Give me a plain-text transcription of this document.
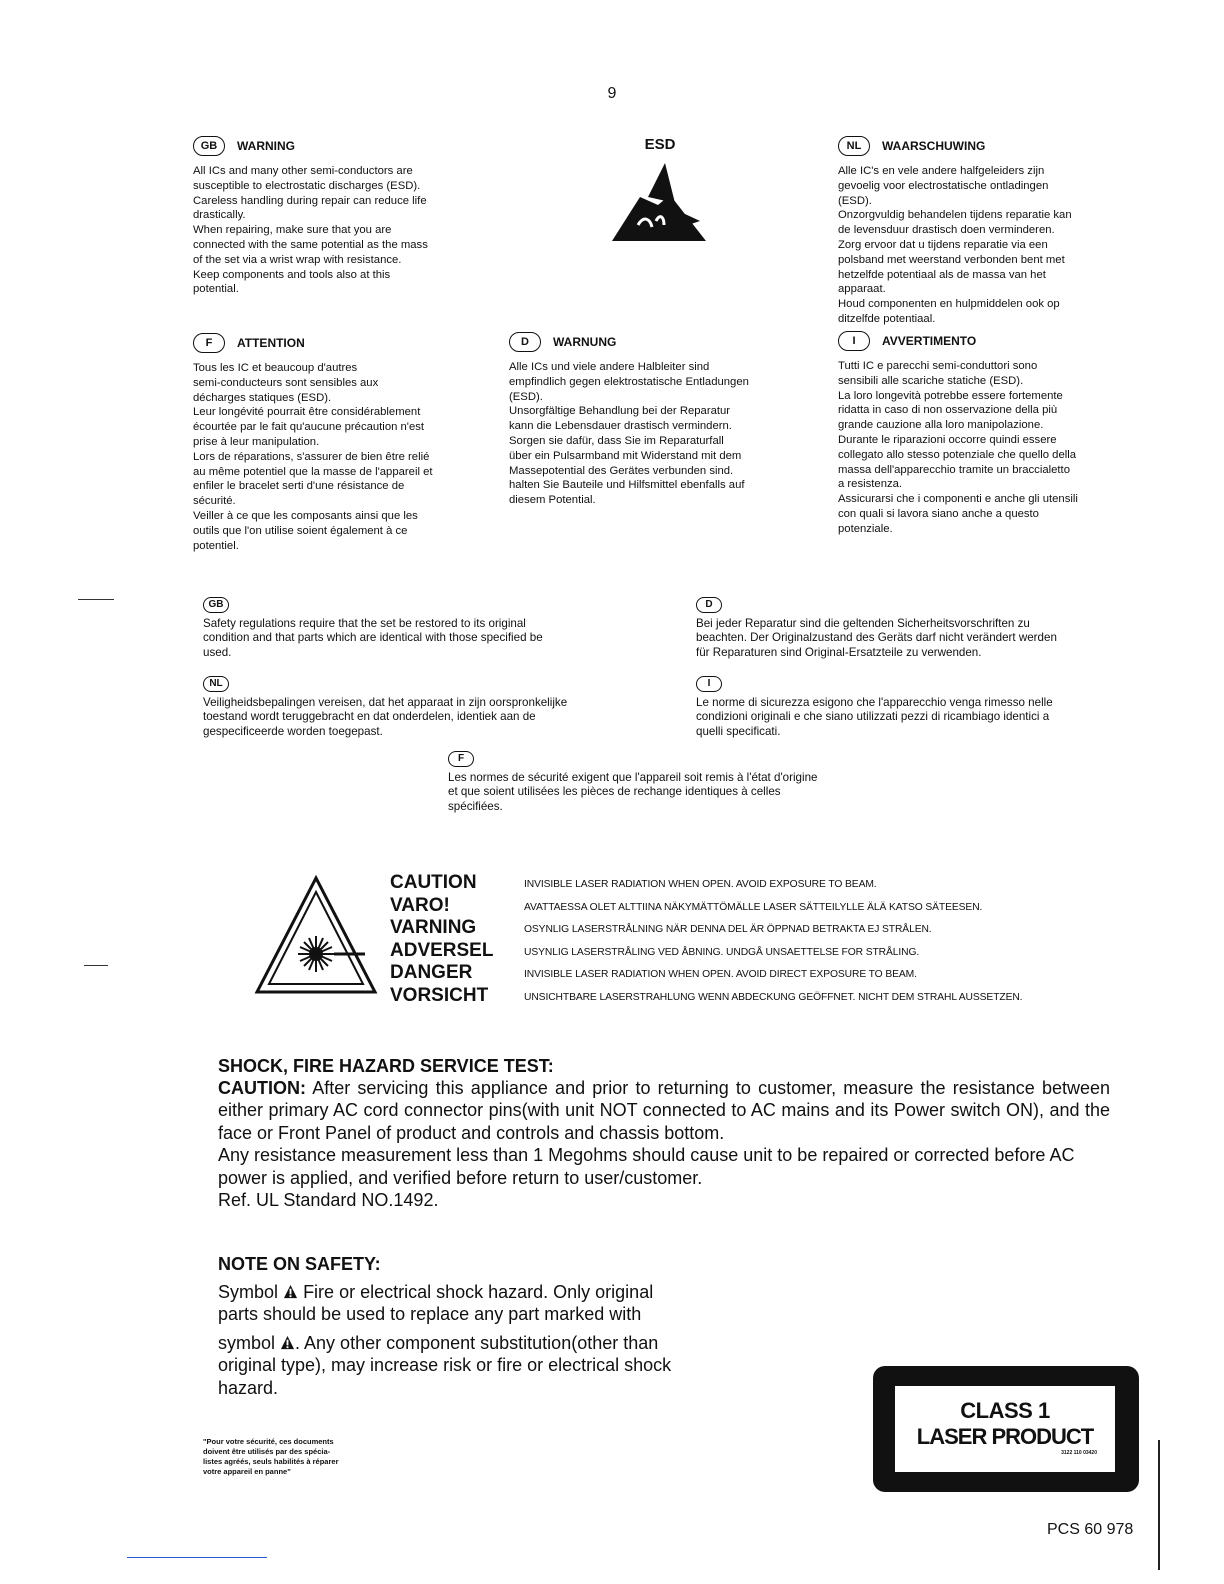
9
GB	WARNING
All ICs and many other semi-conductors are
susceptible to electrostatic discharges (ESD).
Careless handling during repair can reduce life
drastically.
When repairing, make sure that you are
connected with the same potential as the mass
of the set via a wrist wrap with resistance.
Keep components and tools also at this
potential.
ESD	NL	WAARSCHUWING
Alle IC's en vele andere halfgeleiders zijn
gevoelig voor electrostatische ontladingen
(ESD).
Onzorgvuldig behandelen tijdens reparatie kan
de levensduur drastisch doen verminderen.
Zorg ervoor dat u tijdens reparatie via een
polsband met weerstand verbonden bent met
hetzelfde potentiaal als de massa van het
apparaat.
Houd componenten en hulpmiddelen ook op
ditzelfde potentiaal.
F	ATTENTION
Tous les IC et beaucoup d'autres
semi-conducteurs sont sensibles aux
décharges statiques (ESD).
Leur longévité pourrait être considérablement
écourtée par le fait qu'aucune précaution n'est
prise à leur manipulation.
Lors de réparations, s'assurer de bien être relié
au même potentiel que la masse de l'appareil et
enfiler le bracelet serti d'une résistance de
sécurité.
Veiller à ce que les composants ainsi que les
outils que l'on utilise soient également à ce
potentiel.
D	WARNUNG
Alle ICs und viele andere Halbleiter sind
empfindlich gegen elektrostatische Entladungen
(ESD).
Unsorgfältige Behandlung bei der Reparatur
kann die Lebensdauer drastisch vermindern.
Sorgen sie dafür, dass Sie im Reparaturfall
über ein Pulsarmband mit Widerstand mit dem
Massepotential des Gerätes verbunden sind.
halten Sie Bauteile und Hilfsmittel ebenfalls auf
diesem Potential.
I	AVVERTIMENTO
Tutti IC e parecchi semi-conduttori sono
sensibili alle scariche statiche (ESD).
La loro longevità potrebbe essere fortemente
ridatta in caso di non osservazione della più
grande cauzione alla loro manipolazione.
Durante le riparazioni occorre quindi essere
collegato allo stesso potenziale che quello della
massa dell'apparecchio tramite un braccialetto
a resistenza.
Assicurarsi che i componenti e anche gli utensili
con quali si lavora siano anche a questo
potenziale.
GB
Safety regulations require that the set be restored to its original
condition and that parts which are identical with those specified be
used.
D
Bei jeder Reparatur sind die geltenden Sicherheitsvorschriften zu
beachten. Der Originalzustand des Geräts darf nicht verändert werden
für Reparaturen sind Original-Ersatzteile zu verwenden.
NL
Veiligheidsbepalingen vereisen, dat het apparaat in zijn oorspronkelijke
toestand wordt teruggebracht en dat onderdelen, identiek aan de
gespecificeerde worden toegepast.
I
Le norme di sicurezza esigono che l'apparecchio venga rimesso nelle
condizioni originali e che siano utilizzati pezzi di ricambiago identici a
quelli specificati.
F
Les normes de sécurité exigent que l'appareil soit remis à l'état d'origine
et que soient utilisées les pièces de rechange identiques à celles
spécifiées.
CAUTION
VARO!
VARNING
ADVERSEL
DANGER
VORSICHT
INVISIBLE LASER RADIATION WHEN OPEN. AVOID EXPOSURE TO BEAM.
AVATTAESSA OLET ALTTIINA NÄKYMÄTTÖMÄLLE LASER SÄTTEILYLLE ÄLÄ KATSO SÄTEESEN.
OSYNLIG LASERSTRÅLNING NÄR DENNA DEL ÄR ÖPPNAD BETRAKTA EJ STRÅLEN.
USYNLIG LASERSTRÅLING VED ÅBNING. UNDGÅ UNSAETTELSE FOR STRÅLING.
INVISIBLE LASER RADIATION WHEN OPEN. AVOID DIRECT EXPOSURE TO BEAM.
UNSICHTBARE LASERSTRAHLUNG WENN ABDECKUNG GEÖFFNET. NICHT DEM STRAHL AUSSETZEN.
SHOCK, FIRE HAZARD SERVICE TEST:
CAUTION: After servicing this appliance and prior to returning to customer, measure the resistance between either primary AC cord connector pins(with unit NOT connected to AC mains and its Power switch ON), and the face or Front Panel of product and controls and chassis bottom.
Any resistance measurement less than 1 Megohms should cause unit to be repaired or corrected before AC power is applied, and verified before return to user/customer.
Ref. UL Standard NO.1492.
NOTE ON SAFETY:
Symbol Fire or electrical shock hazard. Only original
parts should be used to replace any part marked with
symbol . Any other component substitution(other than
original type), may increase risk or fire or electrical shock
hazard.
"Pour votre sécurité, ces documents
doivent être utilisés par des spécia-
listes agréés, seuls habilités à réparer
votre appareil en panne"
CLASS 1
LASER PRODUCT
3122 110 03420
PCS 60 978
